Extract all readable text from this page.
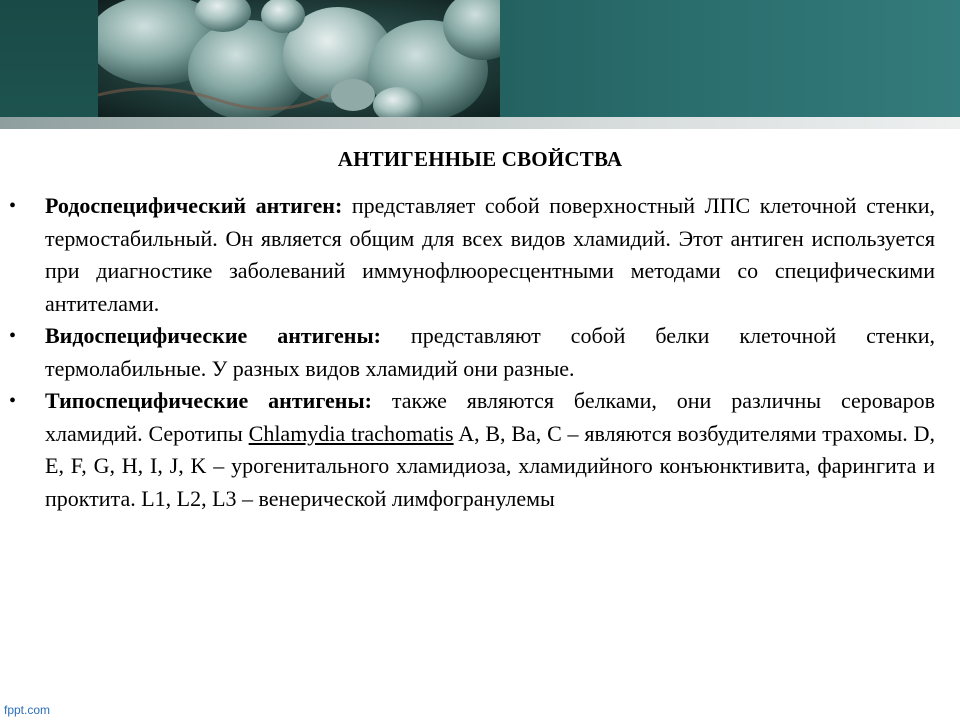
АНТИГЕННЫЕ СВОЙСТВА

• Родоспецифический антиген: представляет собой поверхностный ЛПС клеточной стенки, термостабильный. Он является общим для всех видов хламидий. Этот антиген используется при диагностике заболеваний иммунофлюоресцентными методами со специфическими антителами.

• Видоспецифические антигены: представляют собой белки клеточной стенки, термолабильные. У разных видов хламидий они разные.

• Типоспецифические антигены: также являются белками, они различны сероваров хламидий. Серотипы Chlamydia trachomatis A, B, Ba, C – являются возбудителями трахомы. D, E, F, G, H, I, J, K – урогенитального хламидиоза, хламидийного конъюнктивита, фарингита и проктита. L1, L2, L3 – венерической лимфогранулемы

fppt.com
